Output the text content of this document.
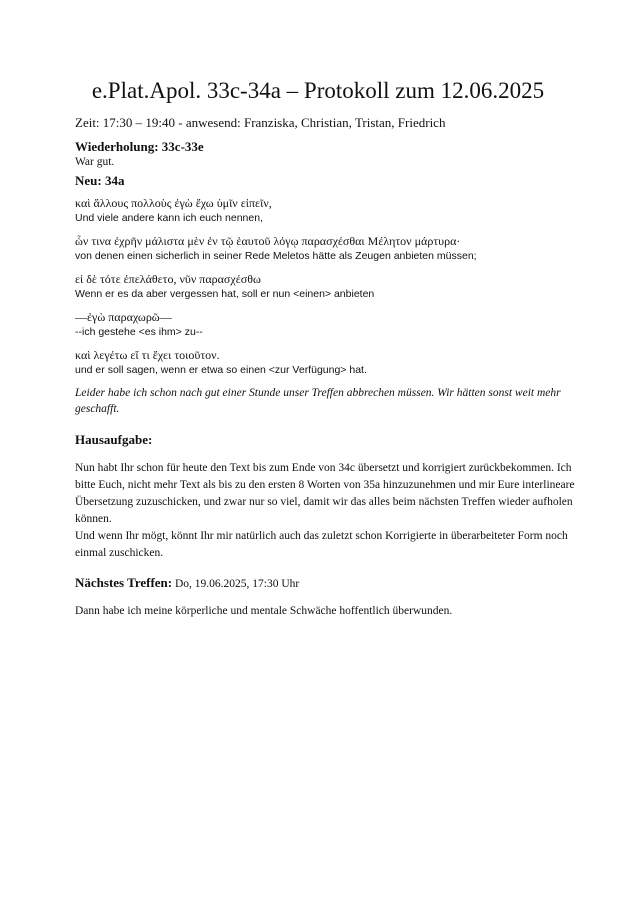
e.Plat.Apol. 33c-34a – Protokoll zum 12.06.2025
Zeit: 17:30 – 19:40 - anwesend: Franziska, Christian, Tristan, Friedrich

Wiederholung: 33c-33e

War gut.

Neu: 34a

καὶ ἄλλους πολλοὺς ἐγὼ ἔχω ὑμῖν εἰπεῖν,

Und viele andere kann ich euch nennen,

ὧν τινα ἐχρῆν μάλιστα μὲν ἐν τῷ ἑαυτοῦ λόγῳ παρασχέσθαι Μέλητον μάρτυρα·

von denen einen sicherlich in seiner Rede Meletos hätte als Zeugen anbieten müssen;

εἰ δὲ τότε ἐπελάθετο, νῦν παρασχέσθω

Wenn er es da aber vergessen hat, soll er nun <einen> anbieten

—ἐγὼ παραχωρῶ—

--ich gestehe <es ihm> zu--

καὶ λεγέτω εἴ τι ἔχει τοιοῦτον.

und er soll sagen, wenn er etwa so einen <zur Verfügung> hat.

Leider habe ich schon nach gut einer Stunde unser Treffen abbrechen müssen. Wir hätten sonst weit mehr geschafft.

Hausaufgabe:

Nun habt Ihr schon für heute den Text bis zum Ende von 34c übersetzt und korrigiert zurückbekommen. Ich bitte Euch, nicht mehr Text als bis zu den ersten 8 Worten von 35a hinzuzunehmen und mir Eure interlineare Übersetzung zuzuschicken, und zwar nur so viel, damit wir das alles beim nächsten Treffen wieder aufholen können.

Und wenn Ihr mögt, könnt Ihr mir natürlich auch das zuletzt schon Korrigierte in überarbeiteter Form noch einmal zuschicken.

Nächstes Treffen: Do, 19.06.2025, 17:30 Uhr

Dann habe ich meine körperliche und mentale Schwäche hoffentlich überwunden.
